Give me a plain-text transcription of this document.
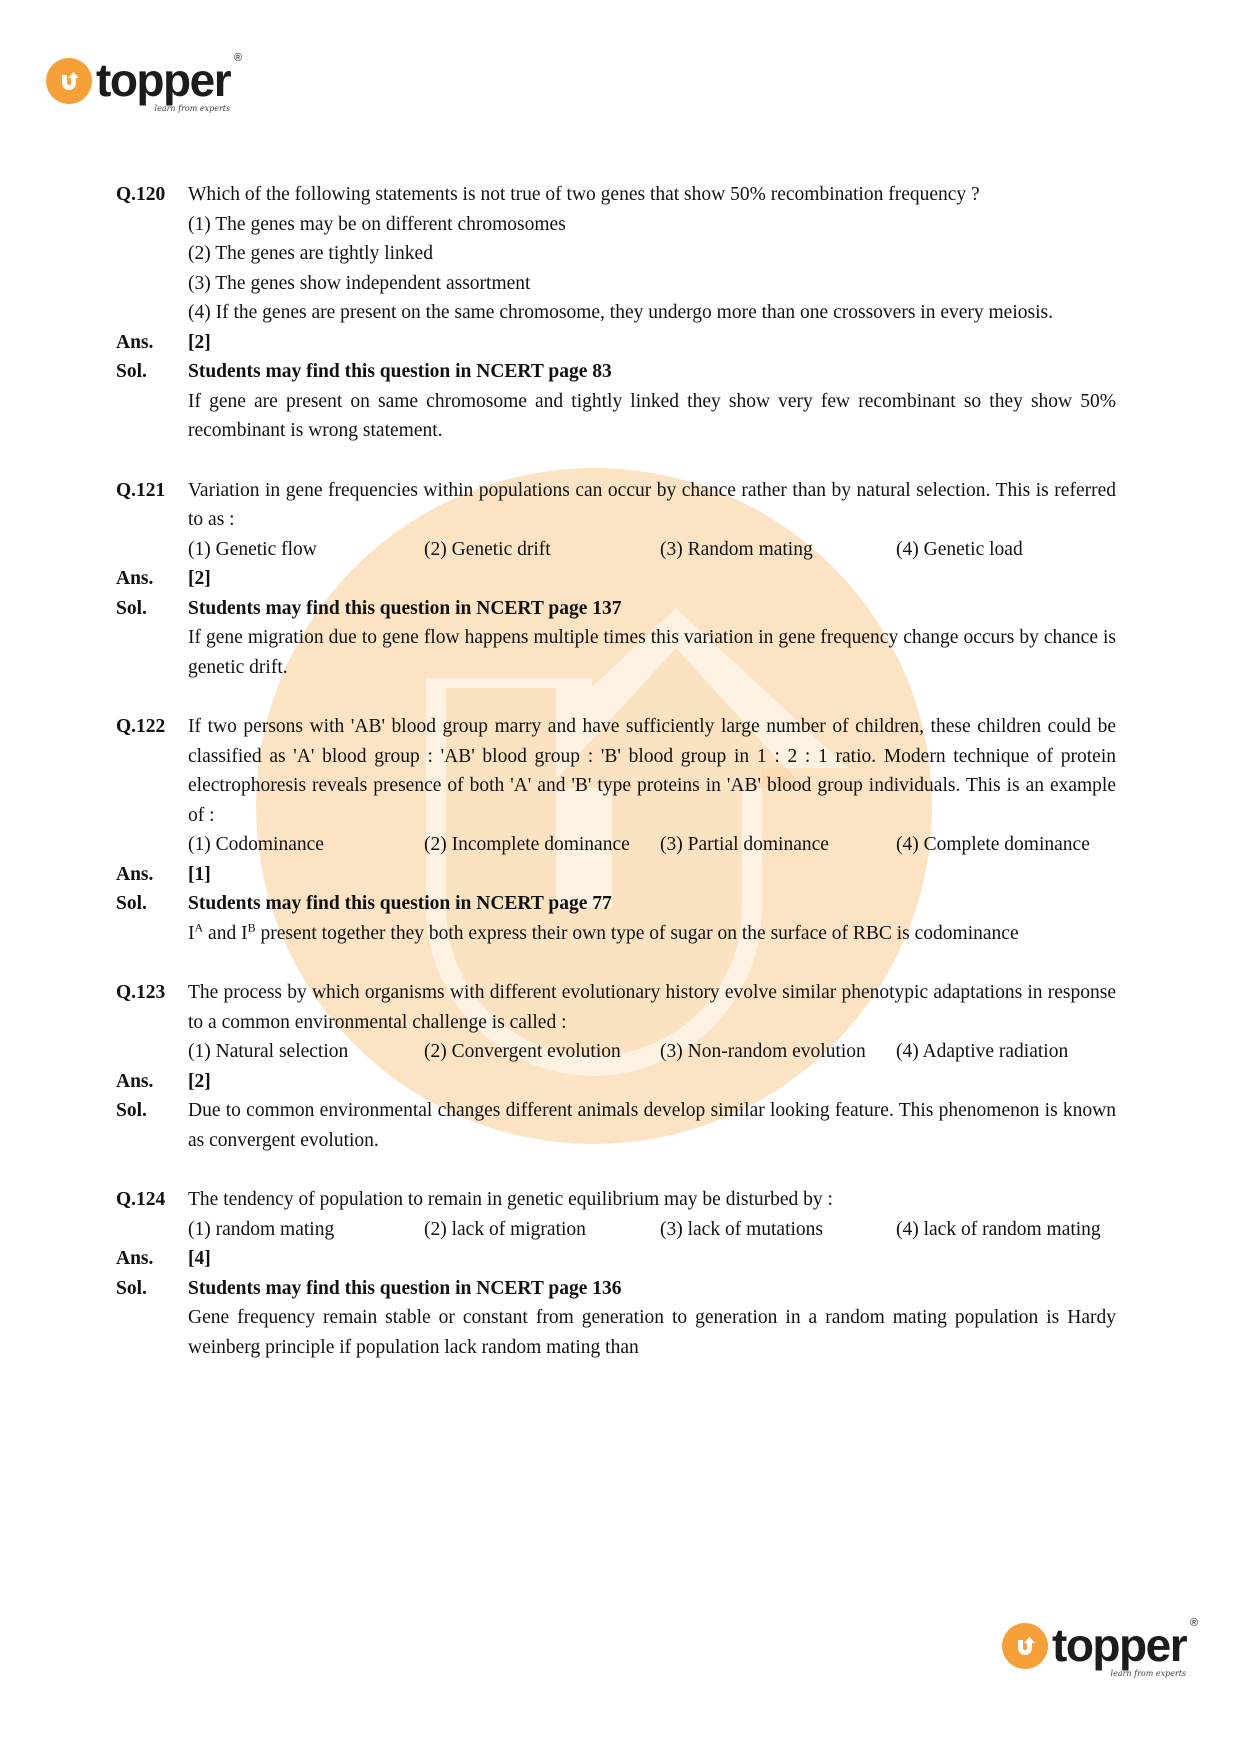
topper ®
learn from experts
Q.120	Which of the following statements is not true of two genes that show 50% recombination frequency ?
(1) The genes may be on different chromosomes
(2) The genes are tightly linked
(3) The genes show independent assortment
(4) If the genes are present on the same chromosome, they undergo more than one crossovers in every meiosis.
Ans.	[2]
Sol.	Students may find this question in NCERT page 83
If gene are present on same chromosome and tightly linked they show very few recombinant so they show 50% recombinant is wrong statement.
Q.121	Variation in gene frequencies within populations can occur by chance rather than by natural selection. This is referred to as :
(1) Genetic flow	(2) Genetic drift	(3) Random mating	(4) Genetic load
Ans.	[2]
Sol.	Students may find this question in NCERT page 137
If gene migration due to gene flow happens multiple times this variation in gene frequency change occurs by chance is genetic drift.
Q.122	If two persons with 'AB' blood group marry and have sufficiently large number of children, these children could be classified as 'A' blood group : 'AB' blood group : 'B' blood group in 1 : 2 : 1 ratio. Modern technique of protein electrophoresis reveals presence of both 'A' and 'B' type proteins in 'AB' blood group individuals. This is an example of :
(1) Codominance	(2) Incomplete dominance	(3) Partial dominance	(4) Complete dominance
Ans.	[1]
Sol.	Students may find this question in NCERT page 77
$I^A$ and $I^B$ present together they both express their own type of sugar on the surface of RBC is codominance
Q.123	The process by which organisms with different evolutionary history evolve similar phenotypic adaptations in response to a common environmental challenge is called :
(1) Natural selection	(2) Convergent evolution	(3) Non-random evolution	(4) Adaptive radiation
Ans.	[2]
Sol.	Due to common environmental changes different animals develop similar looking feature. This phenomenon is known as convergent evolution.
Q.124	The tendency of population to remain in genetic equilibrium may be disturbed by :
(1) random mating	(2) lack of migration	(3) lack of mutations	(4) lack of random mating
Ans.	[4]
Sol.	Students may find this question in NCERT page 136
Gene frequency remain stable or constant from generation to generation in a random mating population is Hardy weinberg principle if population lack random mating than
topper ®
learn from experts
